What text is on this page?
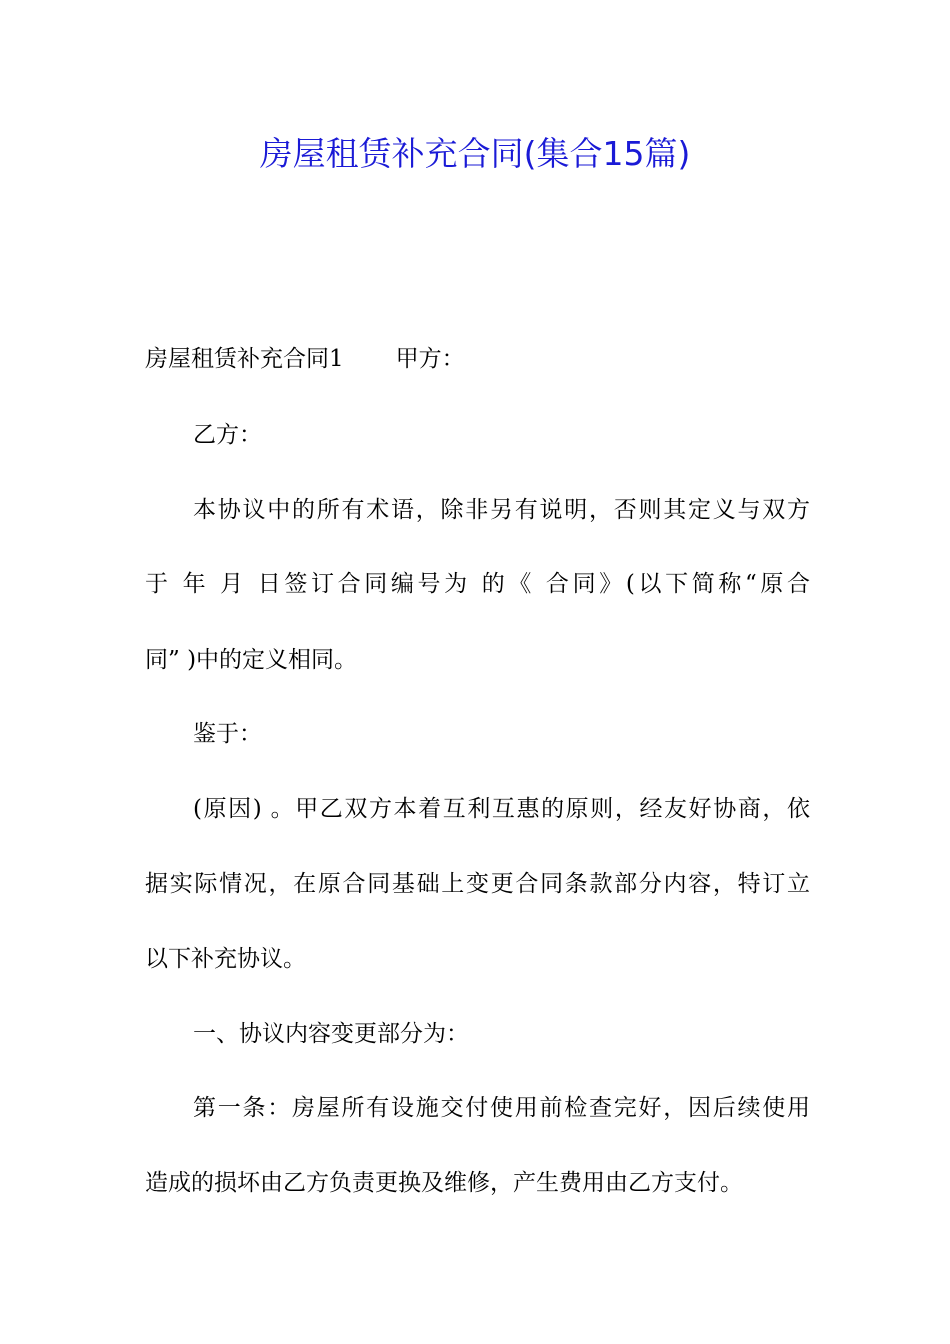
房屋租赁补充合同(集合15篇)

房屋租赁补充合同1 甲方：

乙方：

本协议中的所有术语，除非另有说明，否则其定义与双方

于 年 月 日签订合同编号为 的《 合同》(以下简称“原合

同” )中的定义相同。

鉴于：

(原因) 。甲乙双方本着互利互惠的原则，经友好协商，依

据实际情况，在原合同基础上变更合同条款部分内容，特订立

以下补充协议。

一、协议内容变更部分为：

第一条：房屋所有设施交付使用前检查完好，因后续使用

造成的损坏由乙方负责更换及维修，产生费用由乙方支付。
